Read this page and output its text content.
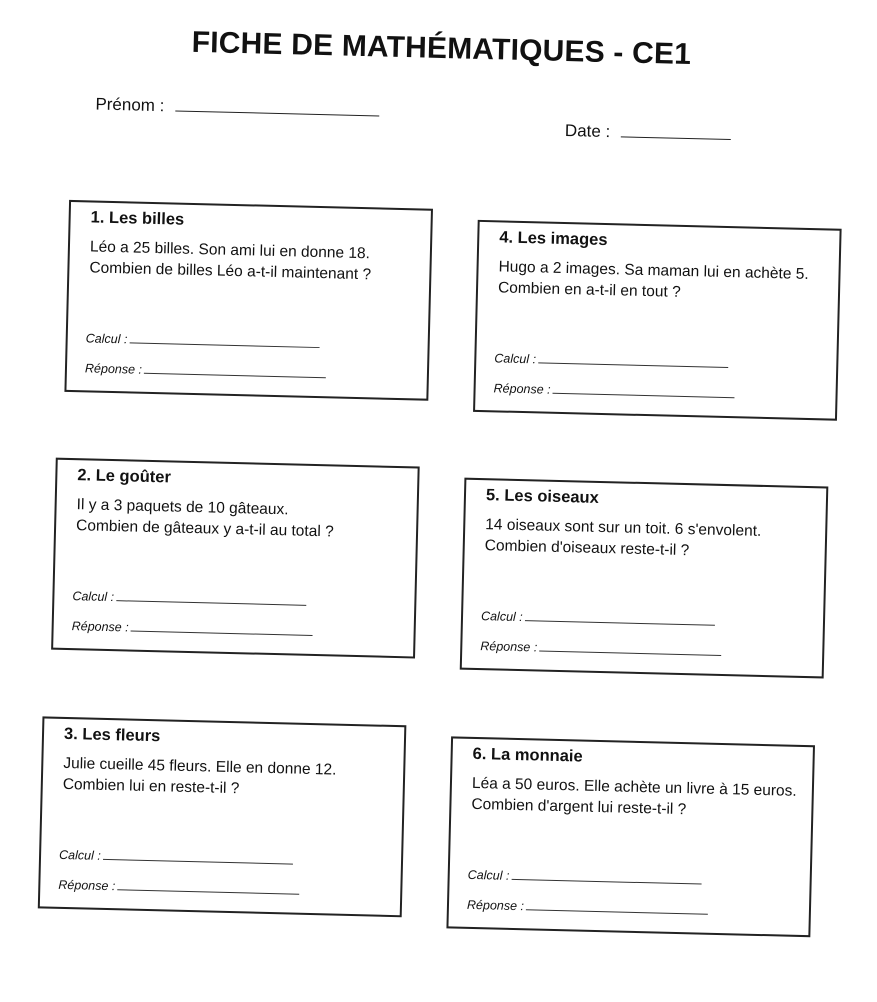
FICHE DE MATHÉMATIQUES - CE1
Prénom :
Date :
1. Les billes
Léo a 25 billes. Son ami lui en donne 18.
Combien de billes Léo a-t-il maintenant ?
Calcul :
Réponse :
4. Les images
Hugo a 2 images. Sa maman lui en achète 5.
Combien en a-t-il en tout ?
Calcul :
Réponse :
2. Le goûter
Il y a 3 paquets de 10 gâteaux.
Combien de gâteaux y a-t-il au total ?
Calcul :
Réponse :
5. Les oiseaux
14 oiseaux sont sur un toit. 6 s'envolent.
Combien d'oiseaux reste-t-il ?
Calcul :
Réponse :
3. Les fleurs
Julie cueille 45 fleurs. Elle en donne 12.
Combien lui en reste-t-il ?
Calcul :
Réponse :
6. La monnaie
Léa a 50 euros. Elle achète un livre à 15 euros.
Combien d'argent lui reste-t-il ?
Calcul :
Réponse :
